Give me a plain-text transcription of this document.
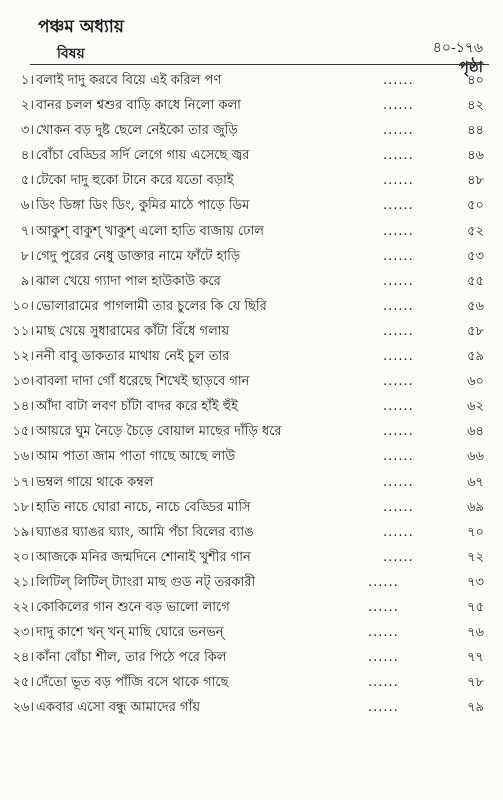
পঞ্চম অধ্যায়
৪০-১৭৬
বিষয়
পৃষ্ঠা
১। বলাই দাদু করবে বিয়ে এই করিল পণ	......	৪০
২। বানর চলল শ্বশুর বাড়ি কাধে নিলো কলা	......	৪২
৩। খোকন বড় দুষ্ট ছেলে নেইকো তার জুড়ি	......	৪৪
৪। বোঁচা বেড্ডির সর্দি লেগে গায় এসেছে জ্বর	......	৪৬
৫। টেকো দাদু হুকো টানে করে যতো বড়াই	......	৪৮
৬। ডিং ডিঙ্গা ডিং ডিং, কুমির মাঠে পাড়ে ডিম	......	৫০
৭। আকুশ্ বাকুশ্ খাকুশ্ এলো হাতি বাজায় ঢোল	......	৫২
৮। গেদু পুরের নেধু ডাক্তার নামে ফাঁটে হাড়ি	......	৫৩
৯। ঝাল খেয়ে গ্যাদা পাল হাউকাউ করে	......	৫৫
১০। ভোলারামের পাগলামী তার চুলের কি যে ছিরি	......	৫৬
১১। মাছ খেয়ে সুধারামের কাঁটা বিঁধে গলায়	......	৫৮
১২। ননী বাবু ডাকতার মাথায় নেই চুল তার	......	৫৯
১৩। বাবলা দাদা গোঁ ধরেছে শিখেই ছাড়বে গান	......	৬০
১৪। আঁদা বাটা লবণ চাঁটা বাদর করে হাঁই হুঁই	......	৬২
১৫। আয়রে ঘুম নৈড়ে চৈড়ে বোয়াল মাছের দাঁড়ি ধরে	......	৬৪
১৬। আম পাতা জাম পাতা গাছে আছে লাউ	......	৬৬
১৭। ভম্বল গায়ে থাকে কম্বল	......	৬৭
১৮। হাতি নাচে ঘোরা নাচে, নাচে বেড্ডির মাসি	......	৬৯
১৯। ঘ্যাঙর ঘ্যাঙর ঘ্যাং, আমি পঁচা বিলের ব্যাঙ	......	৭০
২০। আজকে মনির জন্মদিনে শোনাই খুশীর গান	......	৭২
২১। লিটিল্ লিটিল্ ট্যাংরা মাছ গুড নট্ তরকারী	......	৭৩
২২। কোকিলের গান শুনে বড় ভালো লাগে	......	৭৫
২৩। দাদু কাশে খন্ খন্ মাছি ঘোরে ভনভন্	......	৭৬
২৪। কাঁনা বোঁচা শীল, তার পিঠে পরে কিল	......	৭৭
২৫। দেঁতো ভূত বড় পাঁজি বসে থাকে গাছে	......	৭৮
২৬। একবার এসো বন্ধু আমাদের গাঁয়	......	৭৯
